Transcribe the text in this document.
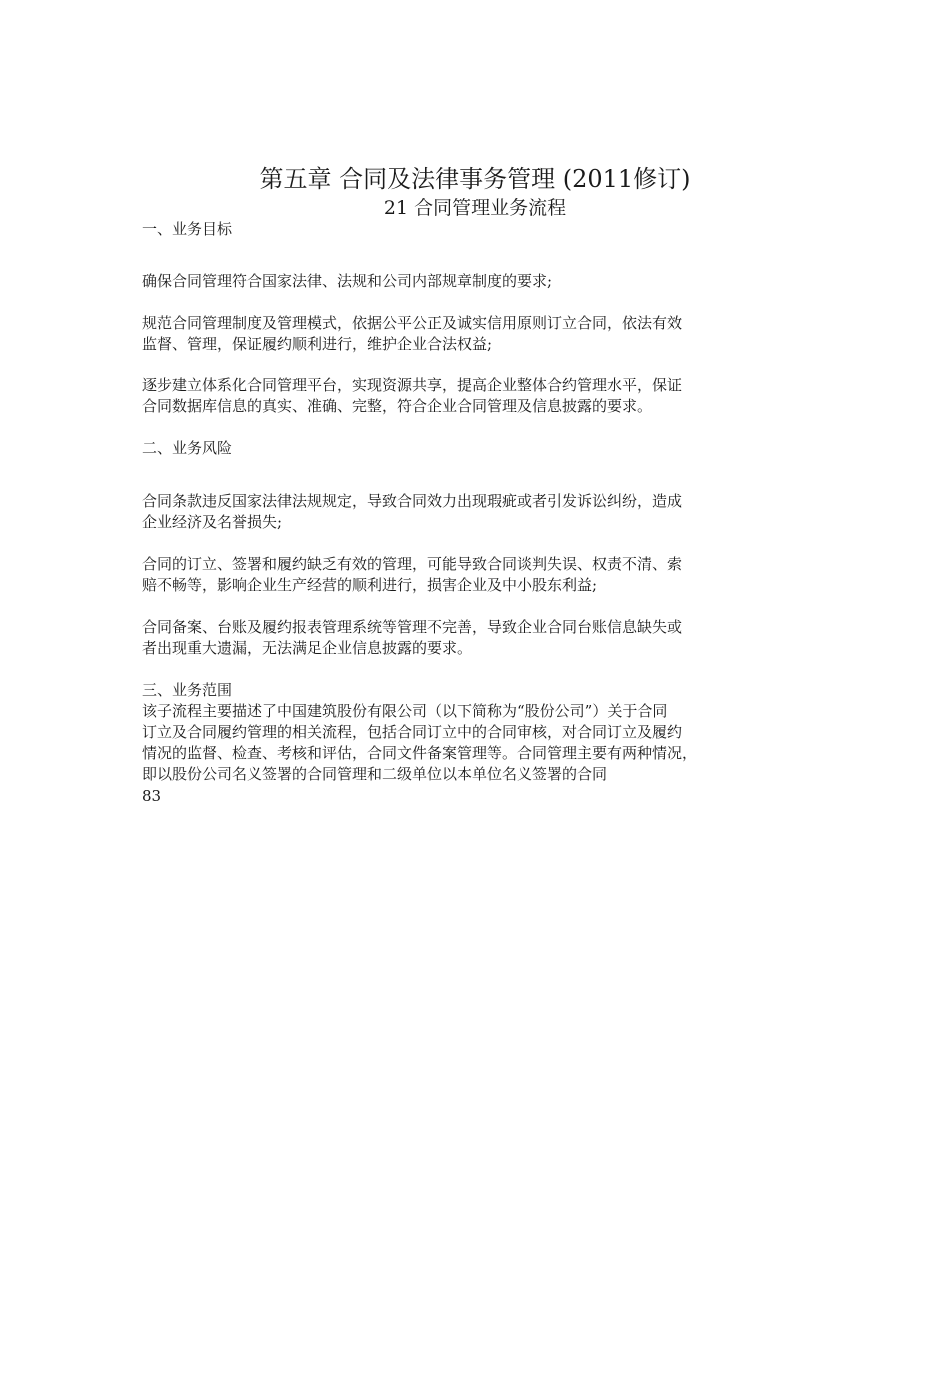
第五章 合同及法律事务管理 (2011修订)
21 合同管理业务流程
一、业务目标

确保合同管理符合国家法律、法规和公司内部规章制度的要求;

规范合同管理制度及管理模式，依据公平公正及诚实信用原则订立合同，依法有效

监督、管理，保证履约顺利进行，维护企业合法权益;

逐步建立体系化合同管理平台，实现资源共享，提高企业整体合约管理水平，保证

合同数据库信息的真实、准确、完整，符合企业合同管理及信息披露的要求。

二、业务风险

合同条款违反国家法律法规规定，导致合同效力出现瑕疵或者引发诉讼纠纷，造成

企业经济及名誉损失;

合同的订立、签署和履约缺乏有效的管理，可能导致合同谈判失误、权责不清、索

赔不畅等，影响企业生产经营的顺利进行，损害企业及中小股东利益;

合同备案、台账及履约报表管理系统等管理不完善，导致企业合同台账信息缺失或

者出现重大遗漏，无法满足企业信息披露的要求。

三、业务范围

该子流程主要描述了中国建筑股份有限公司（以下简称为“股份公司”）关于合同

订立及合同履约管理的相关流程，包括合同订立中的合同审核，对合同订立及履约

情况的监督、检查、考核和评估，合同文件备案管理等。合同管理主要有两种情况，

即以股份公司名义签署的合同管理和二级单位以本单位名义签署的合同

83
